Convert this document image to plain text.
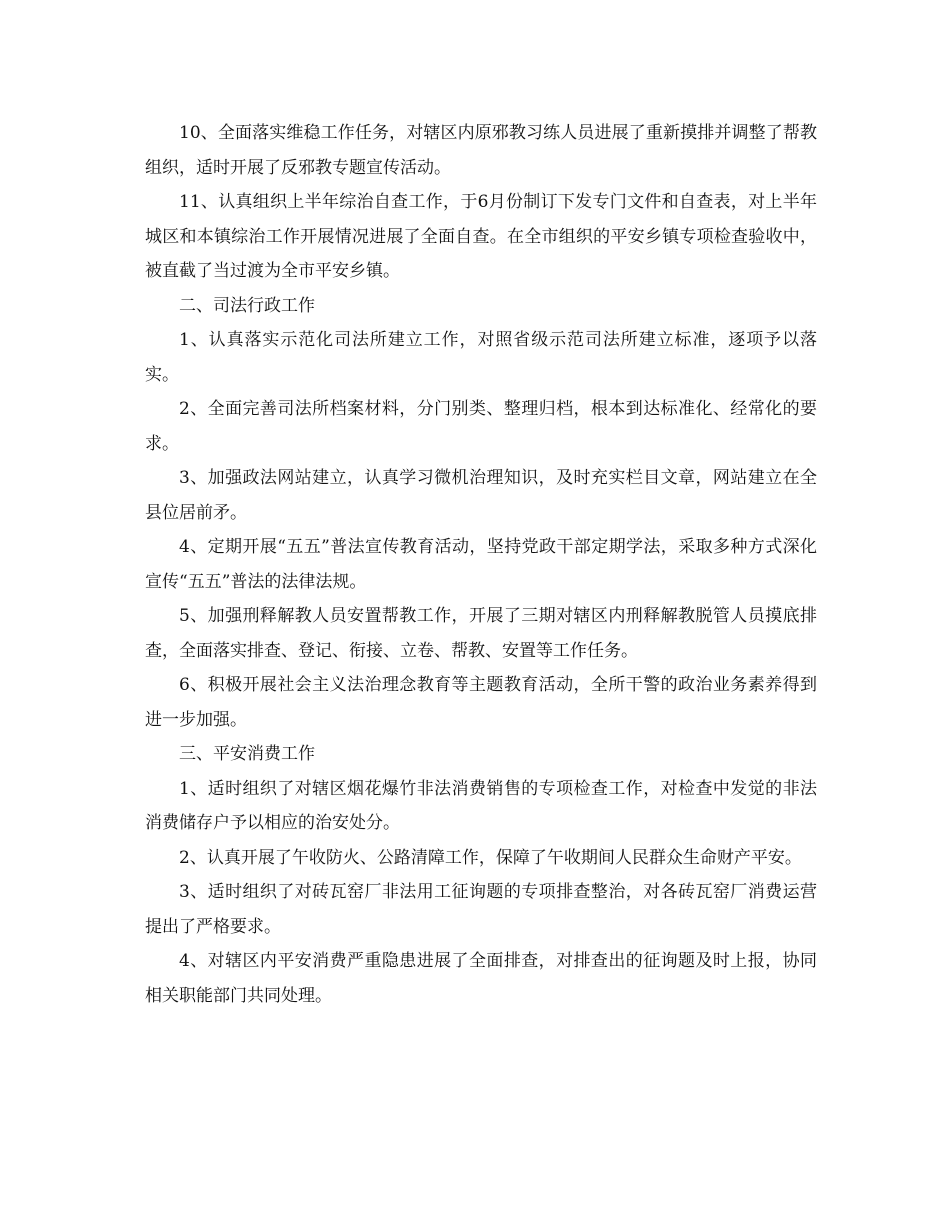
10、全面落实维稳工作任务，对辖区内原邪教习练人员进展了重新摸排并调整了帮教组织，适时开展了反邪教专题宣传活动。

11、认真组织上半年综治自查工作，于6月份制订下发专门文件和自查表，对上半年城区和本镇综治工作开展情况进展了全面自查。在全市组织的平安乡镇专项检查验收中，被直截了当过渡为全市平安乡镇。

二、司法行政工作

1、认真落实示范化司法所建立工作，对照省级示范司法所建立标准，逐项予以落实。

2、全面完善司法所档案材料，分门别类、整理归档，根本到达标准化、经常化的要求。

3、加强政法网站建立，认真学习微机治理知识，及时充实栏目文章，网站建立在全县位居前矛。

4、定期开展“五五”普法宣传教育活动，坚持党政干部定期学法，采取多种方式深化宣传“五五”普法的法律法规。

5、加强刑释解教人员安置帮教工作，开展了三期对辖区内刑释解教脱管人员摸底排查，全面落实排查、登记、衔接、立卷、帮教、安置等工作任务。

6、积极开展社会主义法治理念教育等主题教育活动，全所干警的政治业务素养得到进一步加强。

三、平安消费工作

1、适时组织了对辖区烟花爆竹非法消费销售的专项检查工作，对检查中发觉的非法消费储存户予以相应的治安处分。

2、认真开展了午收防火、公路清障工作，保障了午收期间人民群众生命财产平安。

3、适时组织了对砖瓦窑厂非法用工征询题的专项排查整治，对各砖瓦窑厂消费运营提出了严格要求。

4、对辖区内平安消费严重隐患进展了全面排查，对排查出的征询题及时上报，协同相关职能部门共同处理。
